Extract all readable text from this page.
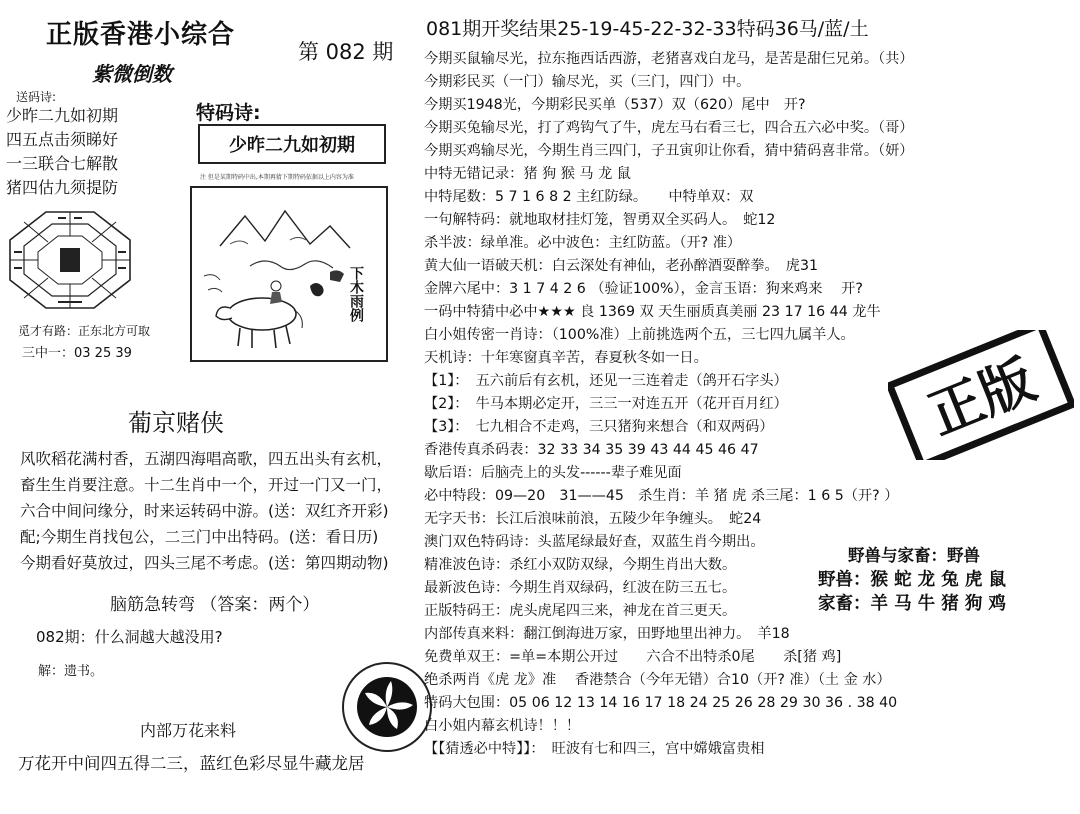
正版香港小综合
紫微倒数
第 082 期
送码诗:
少昨二九如初期
四五点击须睇好
一三联合七解散
猪四估九须提防
特码诗:
少昨二九如初期
注 但是某期特码中出,本期再猜下期特码依据以上内容为准
觅才有路：正东北方可取
三中一：03 25 39
下木雨例
葡京赌侠
风吹稻花满村香，五湖四海唱高歌，四五出头有玄机，
畜生生肖要注意。十二生肖中一个，开过一门又一门，
六合中间问缘分，时来运转码中游。(送：双红齐开彩)
配;今期生肖找包公，二三门中出特码。(送：看日历)
今期看好莫放过，四头三尾不考虑。(送：第四期动物)
脑筋急转弯 （答案：两个）
082期：什么洞越大越没用?
解：遗书。
内部万花来料
万花开中间四五得二三，蓝红色彩尽显牛藏龙居
081期开奖结果25-19-45-22-32-33特码36马/蓝/土
今期买鼠输尽光，拉东拖西话西游，老猪喜戏白龙马，是苦是甜仨兄弟。（共）
今期彩民买（一门）输尽光，买（三门，四门）中。
今期买1948光，今期彩民买单（537）双（620）尾中　开?
今期买兔输尽光，打了鸡钩气了牛，虎左马右看三七，四合五六必中奖。（哥）
今期买鸡输尽光，今期生肖三四门，子丑寅卯让你看，猜中猜码喜非常。（妍）
中特无错记录：猪 狗 猴 马 龙 鼠
中特尾数：5 7 1 6 8 2 主红防绿。　　中特单双：双
一句解特码：就地取材挂灯笼，智勇双全买码人。　蛇12
杀半波：绿单准。必中波色：主红防蓝。（开? 准）
黄大仙一语破天机：白云深处有神仙，老孙醉酒耍醉拳。　虎31
金牌六尾中：3 1 7 4 2 6 （验证100%），金言玉语：狗来鸡来　 开?
一码中特猜中必中★★★ 良 1369 双 天生丽质真美丽 23 17 16 44 龙牛
白小姐传密一肖诗：（100%准）上前挑选两个五，三七四九属羊人。
天机诗：十年寒窗真辛苦，春夏秋冬如一日。
【1】：　五六前后有玄机，还见一三连着走（鸽开石字头）
【2】：　牛马本期必定开，三三一对连五开（花开百月红）
【3】：　七九相合不走鸡，三只猪狗来想合（和双两码）
香港传真杀码表：32 33 34 35 39 43 44 45 46 47
歇后语：后脑壳上的头发------辈子难见面
必中特段：09—20　31——45　杀生肖：羊 猪 虎 杀三尾：1 6 5（开? ）
无字天书：长江后浪味前浪，五陵少年争缠头。　蛇24
澳门双色特码诗：头蓝尾绿最好查，双蓝生肖今期出。
精准波色诗：杀红小双防双绿，今期生肖出大数。
最新波色诗：今期生肖双绿码，红波在防三五七。
正版特码王：虎头虎尾四三来，神龙在首三更天。
内部传真来料：翻江倒海进万家，田野地里出神力。　羊18
免费单双王：=单=本期公开过　　六合不出特杀0尾　　杀[猪 鸡]
绝杀两肖《虎 龙》准　 香港禁合（今年无错）合10（开? 准）（土 金 水）
特码大包围：05 06 12 13 14 16 17 18 24 25 26 28 29 30 36 . 38 40
白小姐内幕玄机诗！！！
【【猜透必中特】】：　旺波有七和四三，宫中嫦娥富贵相
正版
野兽与家畜：野兽
野兽：猴 蛇 龙 兔 虎 鼠
家畜：羊 马 牛 猪 狗 鸡
